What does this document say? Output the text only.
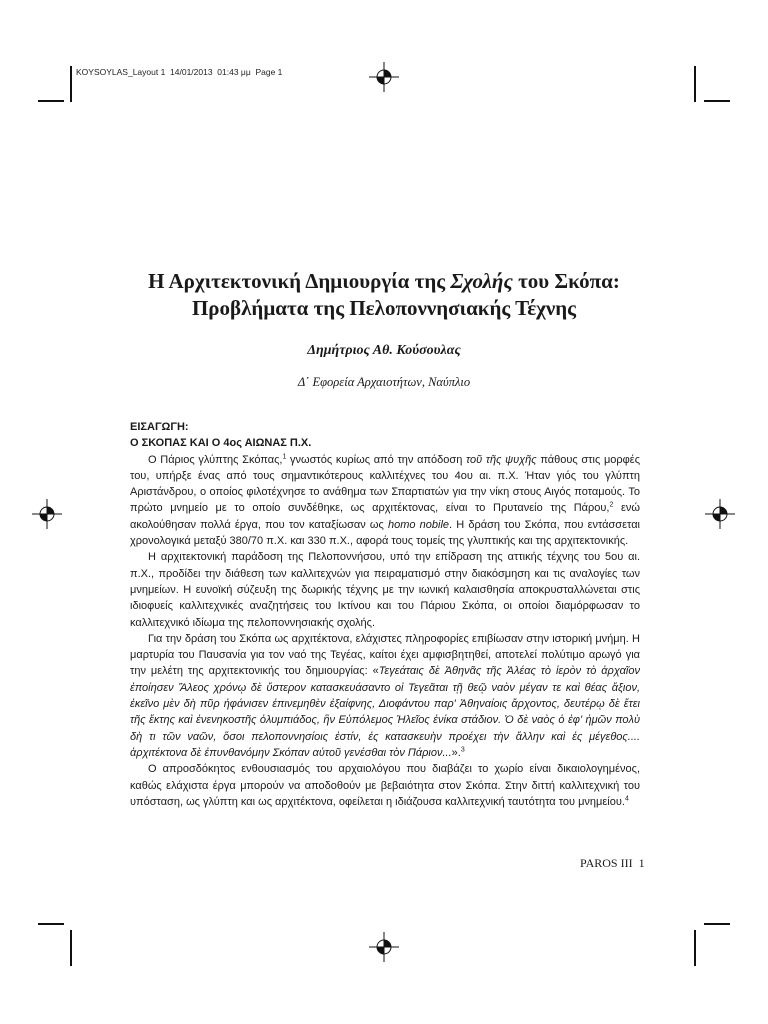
KOYSOYLAS_Layout 1  14/01/2013  01:43 μμ  Page 1
Η Αρχιτεκτονική Δημιουργία της Σχολής του Σκόπα:
Προβλήματα της Πελοποννησιακής Τέχνης
Δημήτριος Αθ. Κούσουλας
Δ΄ Εφορεία Αρχαιοτήτων, Ναύπλιο
ΕΙΣΑΓΩΓΗ:
Ο ΣΚΟΠΑΣ ΚΑΙ Ο 4ος ΑΙΩΝΑΣ Π.Χ.

Ο Πάριος γλύπτης Σκόπας,$^1$ γνωστός κυρίως από την απόδοση τοῦ τῆς ψυχῆς πάθους στις μορφές του, υπήρξε ένας από τους σημαντικότερους καλλιτέχνες του 4ου αι. π.Χ. Ήταν γιός του γλύπτη Αριστάνδρου, ο οποίος φιλοτέχνησε το ανάθημα των Σπαρτιατών για την νίκη στους Αιγός ποταμούς. Το πρώτο μνημείο με το οποίο συνδέθηκε, ως αρχιτέκτονας, είναι το Πρυτανείο της Πάρου,$^2$ ενώ ακολούθησαν πολλά έργα, που τον καταξίωσαν ως homo nobile. Η δράση του Σκόπα, που εντάσσεται χρονολογικά μεταξύ 380/70 π.Χ. και 330 π.Χ., αφορά τους τομείς της γλυπτικής και της αρχιτεκτονικής.

Η αρχιτεκτονική παράδοση της Πελοποννήσου, υπό την επίδραση της αττικής τέχνης του 5ου αι. π.Χ., προδίδει την διάθεση των καλλιτεχνών για πειραματισμό στην διακόσμηση και τις αναλογίες των μνημείων. Η ευνοϊκή σύζευξη της δωρικής τέχνης με την ιωνική καλαισθησία αποκρυσταλλώνεται στις ιδιοφυείς καλλιτεχνικές αναζητήσεις του Ικτίνου και του Πάριου Σκόπα, οι οποίοι διαμόρφωσαν το καλλιτεχνικό ιδίωμα της πελοποννησιακής σχολής.

Για την δράση του Σκόπα ως αρχιτέκτονα, ελάχιστες πληροφορίες επιβίωσαν στην ιστορική μνήμη. Η μαρτυρία του Παυσανία για τον ναό της Τεγέας, καίτοι έχει αμφισβητηθεί, αποτελεί πολύτιμο αρωγό για την μελέτη της αρχιτεκτονικής του δημιουργίας: «Τεγεάταις δὲ Ἀθηνᾶς τῆς Ἀλέας τὸ ἱερὸν τὸ ἀρχαῖον ἐποίησεν Ἄλεος χρόνῳ δὲ ὕστερον κατασκευάσαντο οἱ Τεγεᾶται τῇ θεῷ ναὸν μέγαν τε καὶ θέας ἄξιον, ἐκεῖνο μὲν δὴ πῦρ ἠφάνισεν ἐπινεμηθὲν ἐξαίφνης, Διοφάντου παρ' Ἀθηναίοις ἄρχοντος, δευτέρῳ δὲ ἔτει τῆς ἕκτης καὶ ἐνενηκοστῆς ὀλυμπιάδος, ἣν Εὐπόλεμος Ἠλεῖος ἐνίκα στάδιον. Ὁ δὲ ναὸς ὁ ἐφ' ἡμῶν πολὺ δὴ τι τῶν ναῶν, ὅσοι πελοποννησίοις ἐστίν, ἐς κατασκευὴν προέχει τὴν ἄλλην καὶ ἐς μέγεθος.... ἀρχιτέκτονα δὲ ἐπυνθανόμην Σκόπαν αὐτοῦ γενέσθαι τὸν Πάριον...».$^3$

Ο απροσδόκητος ενθουσιασμός του αρχαιολόγου που διαβάζει το χωρίο είναι δικαιολογημένος, καθώς ελάχιστα έργα μπορούν να αποδοθούν με βεβαιότητα στον Σκόπα. Στην διττή καλλιτεχνική του υπόσταση, ως γλύπτη και ως αρχιτέκτονα, οφείλεται η ιδιάζουσα καλλιτεχνική ταυτότητα του μνημείου.$^4$

PAROS III 1
